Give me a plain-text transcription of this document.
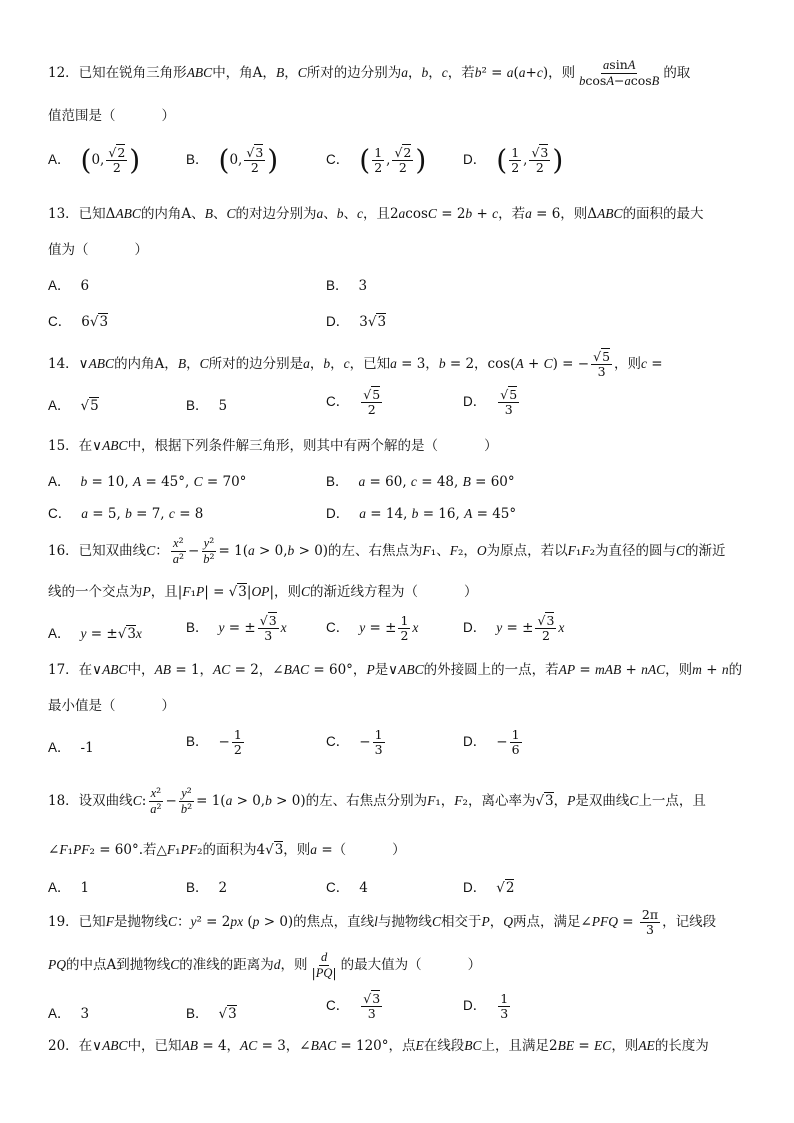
12．已知在锐角三角形ABC中，角A，B，C所对的边分别为a，b，c，若b² = a(a+c)，则 $\frac{asinA}{bcosA-acosB}$ 的取
值范围是（	）
A． (0, $\frac{√2}{2}$ )	B． (0, $\frac{√3}{2}$ )	C． ( $\frac{1}{2}$ , $\frac{√2}{2}$ )	D． ( $\frac{1}{2}$ , $\frac{√3}{2}$ )
13．已知ΔABC的内角A、B、C的对边分别为a、b、c，且2acosC = 2b + c，若a = 6，则ΔABC的面积的最大
值为（	）
A． 6	B． 3
C． 6√3	D． 3√3
14．∨ABC的内角A，B，C所对的边分别是a，b，c，已知a = 3，b = 2，cos(A + C) = − $\frac{√5}{3}$ ，则c =
A． √5	B． 5	C． $\frac{√5}{2}$	D． $\frac{√5}{3}$
15．在∨ABC中，根据下列条件解三角形，则其中有两个解的是（	）
A． b = 10, A = 45°, C = 70°	B． a = 60, c = 48, B = 60°
C． a = 5, b = 7, c = 8	D． a = 14, b = 16, A = 45°
16．已知双曲线C： $\frac{\text{x²}}{\text{a²}} - \frac{\text{y²}}{\text{b²}} = 1(a > 0,b > 0)$的左、右焦点为F₁、F₂，O为原点，若以F₁F₂为直径的圆与C的渐近
线的一个交点为P，且|F₁P| = √3|OP|，则C的渐近线方程为（	）
A． y = ±√3x	B． y = ± $\frac{√3}{3}$ x	C． y = ± $\frac{1}{2}$ x	D． y = ± $\frac{√3}{2}$ x
17．在∨ABC中，AB = 1，AC = 2，∠BAC = 60°，P是∨ABC的外接圆上的一点，若AP = mAB + nAC，则m + n的
最小值是（	）
A． -1	B． − $\frac{1}{2}$	C． − $\frac{1}{3}$	D． − $\frac{1}{6}$
18．设双曲线C: $\frac{\text{x²}}{\text{a²}} - \frac{\text{y²}}{\text{b²}} = 1(a > 0,b > 0)$的左、右焦点分别为F₁，F₂，离心率为√3，P是双曲线C上一点，且
∠F₁PF₂ = 60°.若△F₁PF₂的面积为4√3，则a =（	）
A． 1	B． 2	C． 4	D． √2
19．已知F是抛物线C：y² = 2px (p > 0)的焦点，直线l与抛物线C相交于P，Q两点，满足∠PFQ = $\frac{2\pi}{3}$ ，记线段
PQ的中点A到抛物线C的准线的距离为d，则 $\frac{d}{|PQ|}$ 的最大值为（	）
A． 3	B． √3
C． $\frac{√3}{3}$	D． $\frac{1}{3}$
20．在∨ABC中，已知AB = 4，AC = 3，∠BAC = 120°，点E在线段BC上，且满足2BE = EC，则AE的长度为
